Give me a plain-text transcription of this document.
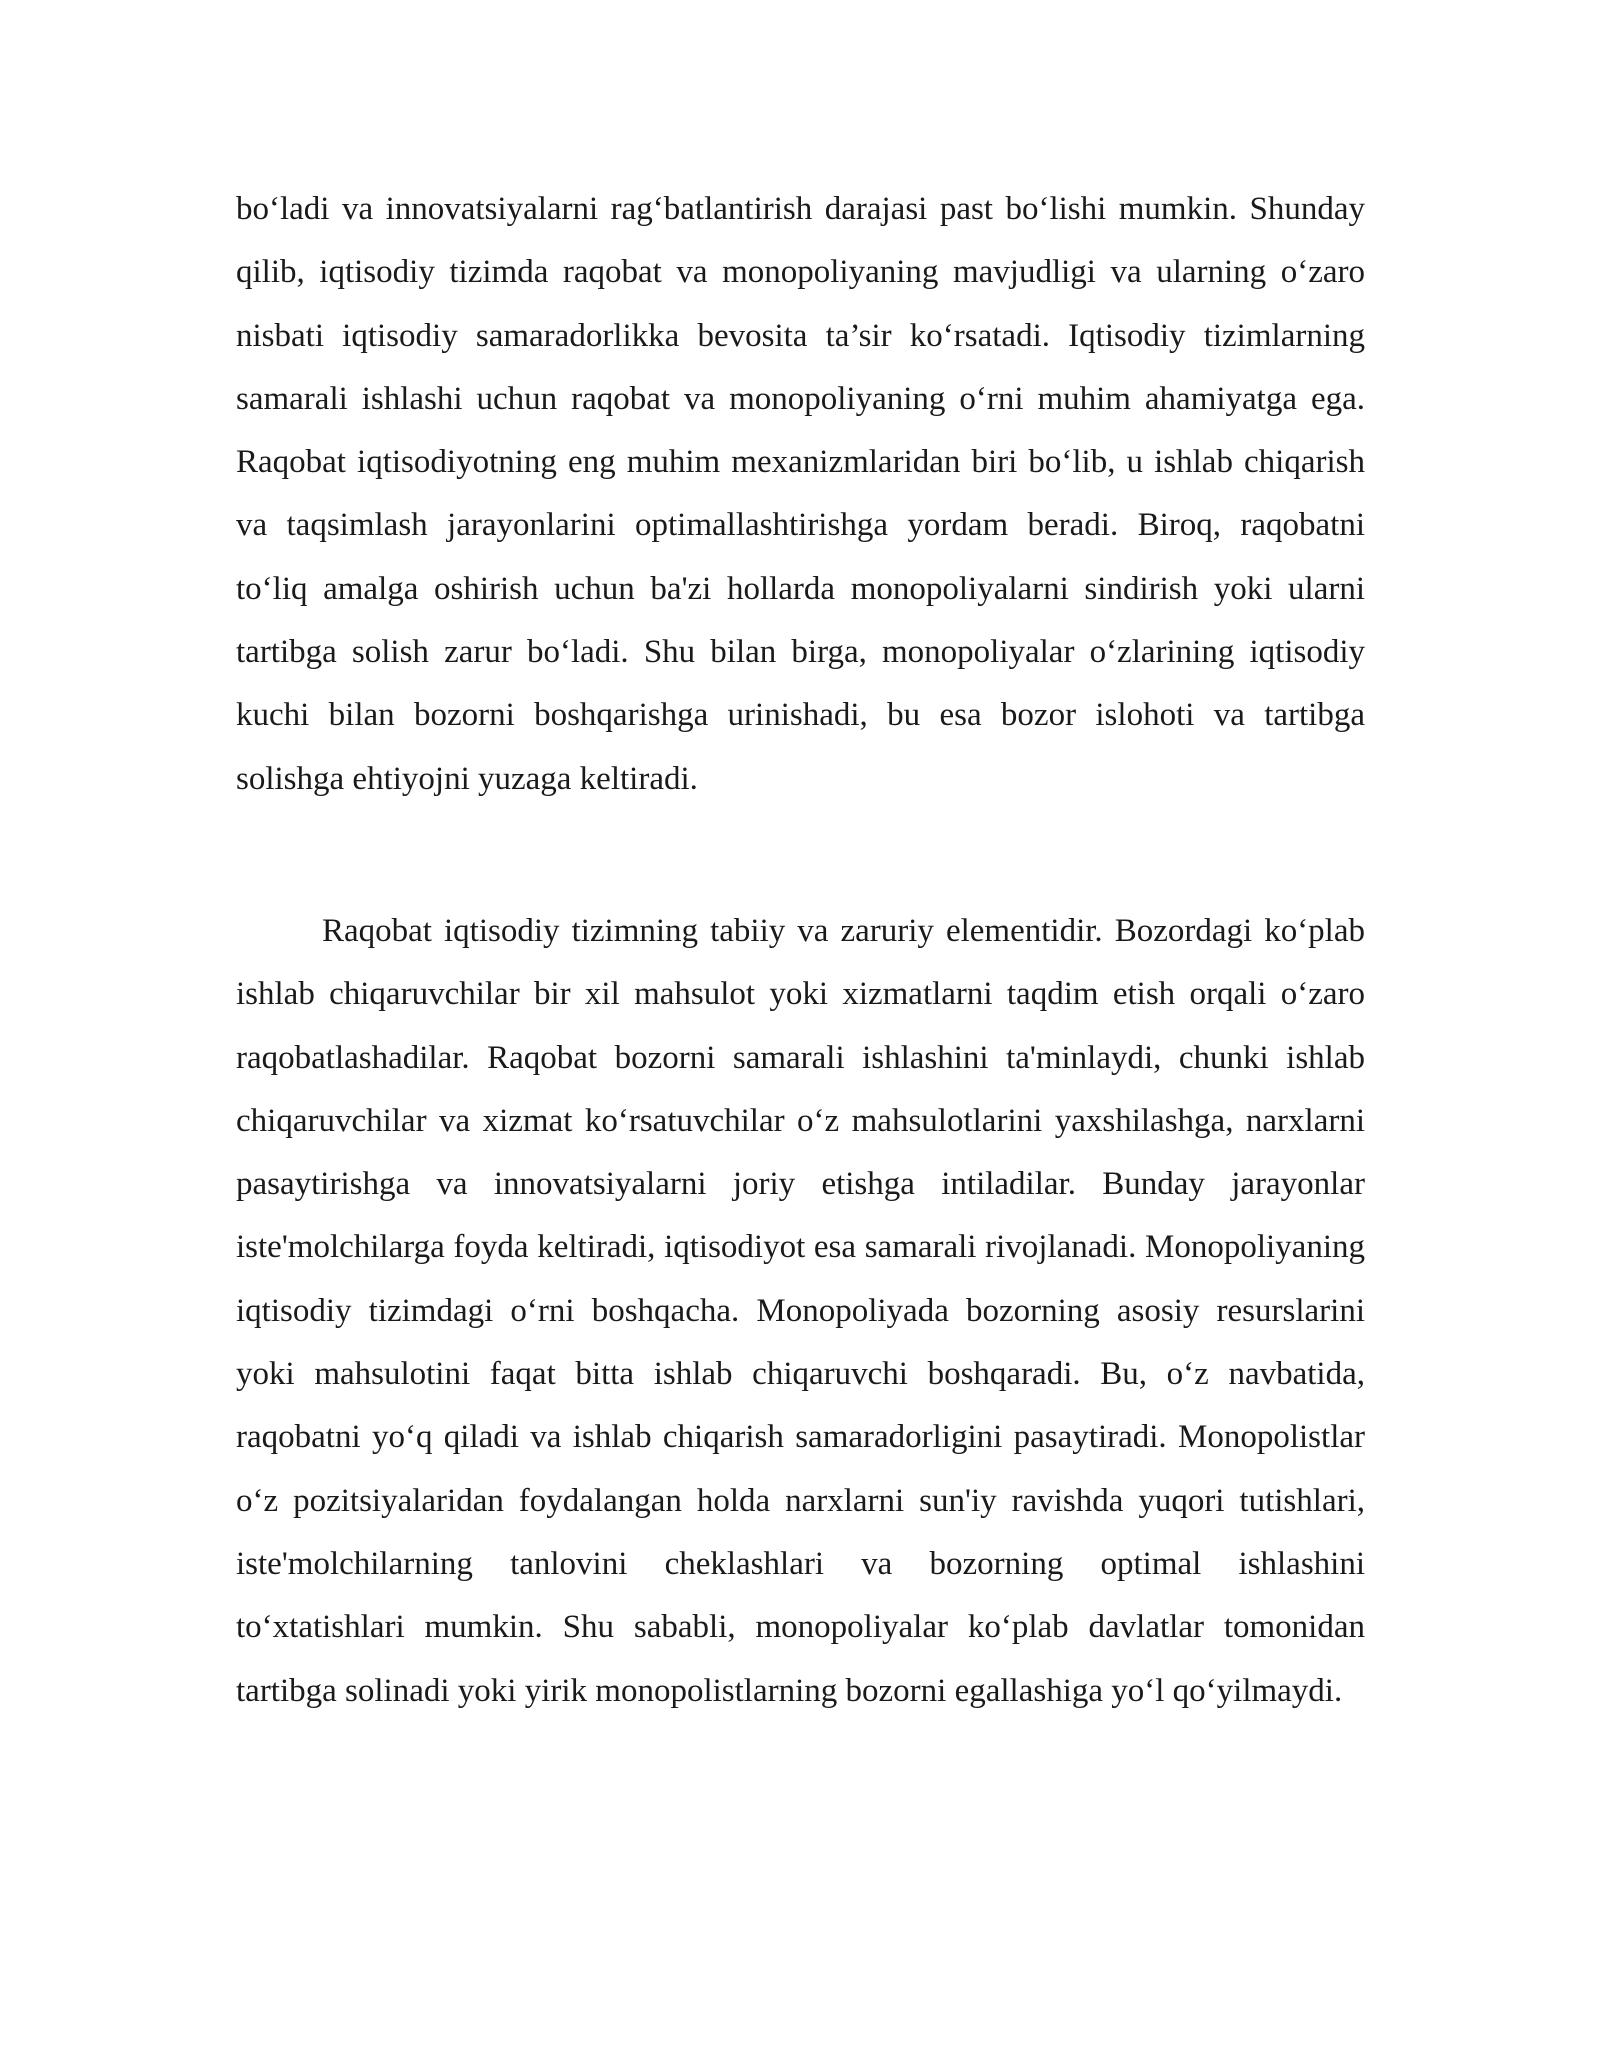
bo‘ladi va innovatsiyalarni rag‘batlantirish darajasi past bo‘lishi mumkin. Shunday qilib, iqtisodiy tizimda raqobat va monopoliyaning mavjudligi va ularning o‘zaro nisbati iqtisodiy samaradorlikka bevosita ta’sir ko‘rsatadi. Iqtisodiy tizimlarning samarali ishlashi uchun raqobat va monopoliyaning o‘rni muhim ahamiyatga ega. Raqobat iqtisodiyotning eng muhim mexanizmlaridan biri bo‘lib, u ishlab chiqarish va taqsimlash jarayonlarini optimallashtirishga yordam beradi. Biroq, raqobatni to‘liq amalga oshirish uchun ba'zi hollarda monopoliyalarni sindirish yoki ularni tartibga solish zarur bo‘ladi. Shu bilan birga, monopoliyalar o‘zlarining iqtisodiy kuchi bilan bozorni boshqarishga urinishadi, bu esa bozor islohoti va tartibga solishga ehtiyojni yuzaga keltiradi.

Raqobat iqtisodiy tizimning tabiiy va zaruriy elementidir. Bozordagi ko‘plab ishlab chiqaruvchilar bir xil mahsulot yoki xizmatlarni taqdim etish orqali o‘zaro raqobatlashadilar. Raqobat bozorni samarali ishlashini ta'minlaydi, chunki ishlab chiqaruvchilar va xizmat ko‘rsatuvchilar o‘z mahsulotlarini yaxshilashga, narxlarni pasaytirishga va innovatsiyalarni joriy etishga intiladilar. Bunday jarayonlar iste'molchilarga foyda keltiradi, iqtisodiyot esa samarali rivojlanadi. Monopoliyaning iqtisodiy tizimdagi o‘rni boshqacha. Monopoliyada bozorning asosiy resurslarini yoki mahsulotini faqat bitta ishlab chiqaruvchi boshqaradi. Bu, o‘z navbatida, raqobatni yo‘q qiladi va ishlab chiqarish samaradorligini pasaytiradi. Monopolistlar o‘z pozitsiyalaridan foydalangan holda narxlarni sun'iy ravishda yuqori tutishlari, iste'molchilarning tanlovini cheklashlari va bozorning optimal ishlashini to‘xtatishlari mumkin. Shu sababli, monopoliyalar ko‘plab davlatlar tomonidan tartibga solinadi yoki yirik monopolistlarning bozorni egallashiga yo‘l qo‘yilmaydi.
